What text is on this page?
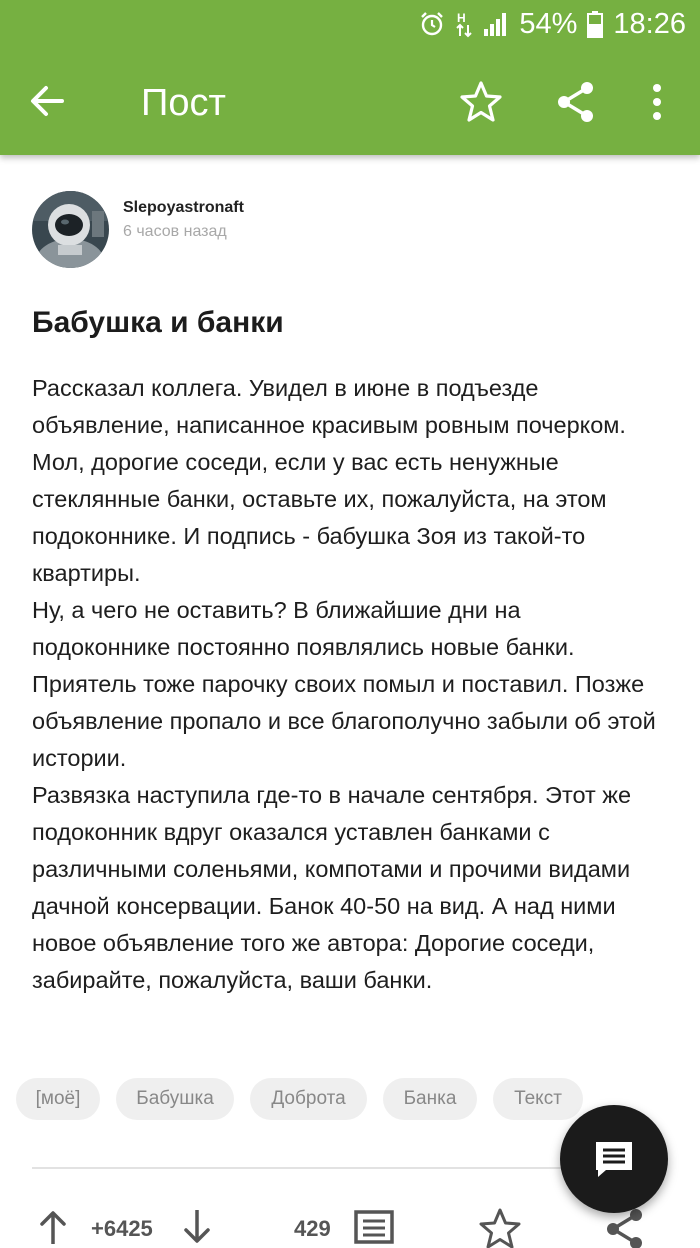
H 54% 18:26
Пост
Slepoyastronaft
6 часов назад
Бабушка и банки

Рассказал коллега. Увидел в июне в подъезде объявление, написанное красивым ровным почерком. Мол, дорогие соседи, если у вас есть ненужные стеклянные банки, оставьте их, пожалуйста, на этом подоконнике. И подпись - бабушка Зоя из такой-то квартиры.

Ну, а чего не оставить? В ближайшие дни на подоконнике постоянно появлялись новые банки. Приятель тоже парочку своих помыл и поставил. Позже объявление пропало и все благополучно забыли об этой истории.

Развязка наступила где-то в начале сентября. Этот же подоконник вдруг оказался уставлен банками с различными соленьями, компотами и прочими видами дачной консервации. Банок 40-50 на вид. А над ними новое объявление того же автора: Дорогие соседи, забирайте, пожалуйста, ваши банки.

[моё]	Бабушка	Доброта	Банка	Текст
+6425	429
